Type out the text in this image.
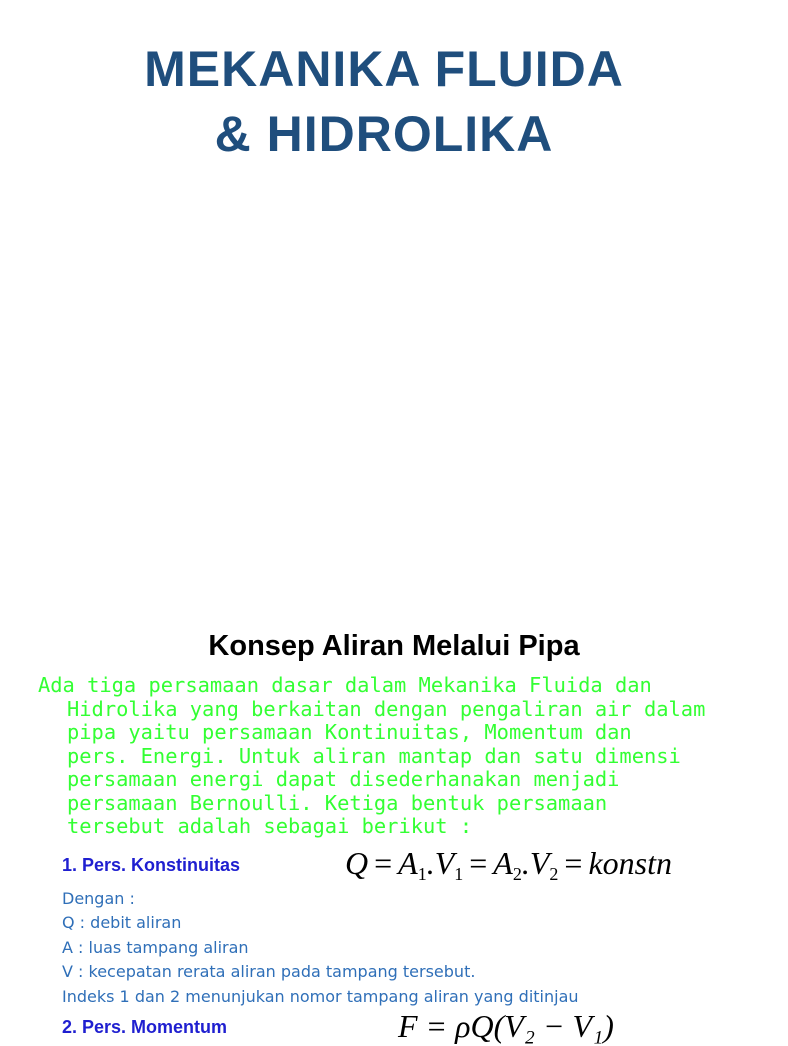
MEKANIKA FLUIDA
& HIDROLIKA
Konsep Aliran Melalui Pipa
Ada tiga persamaan dasar dalam Mekanika Fluida dan
Hidrolika yang berkaitan dengan pengaliran air dalam
pipa yaitu persamaan Kontinuitas, Momentum dan
pers. Energi. Untuk aliran mantap dan satu dimensi
persamaan energi dapat disederhanakan menjadi
persamaan Bernoulli. Ketiga bentuk persamaan
tersebut adalah sebagai berikut :
1. Pers. Konstinuitas	$Q = A_1.V_1 = A_2.V_2$ = konstn
Dengan :
Q : debit aliran
A : luas tampang aliran
V : kecepatan rerata aliran pada tampang tersebut.
Indeks 1 dan 2 menunjukan nomor tampang aliran yang ditinjau
2. Pers. Momentum	F = ρQ(V₂ − V₁)
